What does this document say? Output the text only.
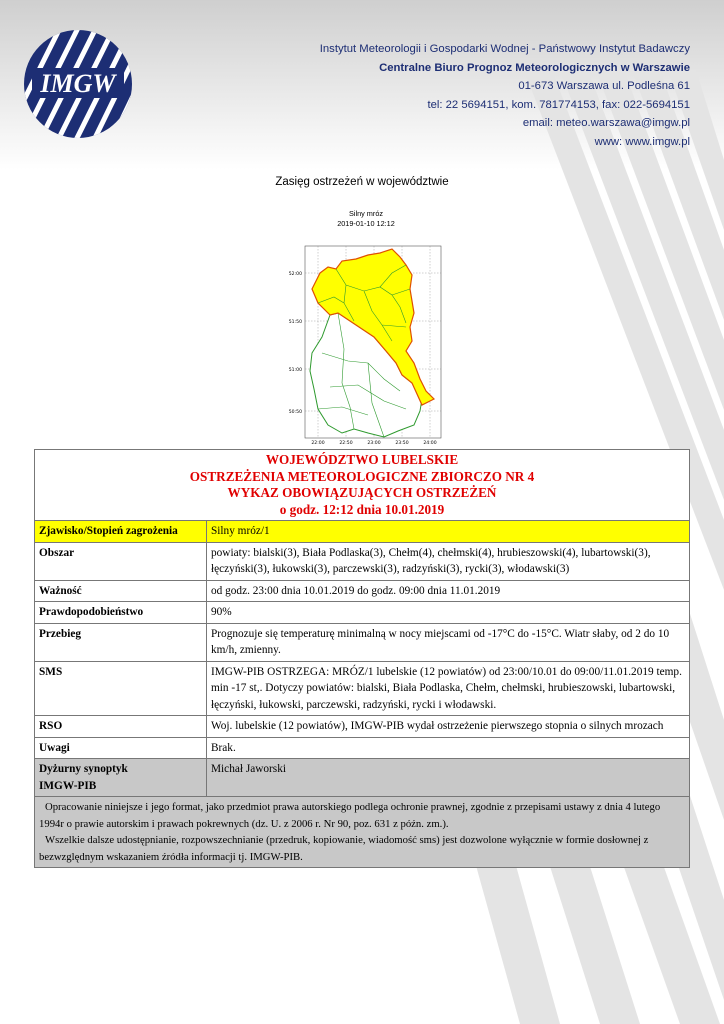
IMGW
Instytut Meteorologii i Gospodarki Wodnej - Państwowy Instytut Badawczy
Centralne Biuro Prognoz Meteorologicznych w Warszawie
01-673 Warszawa ul. Podleśna 61
tel: 22 5694151, kom. 781774153, fax: 022-5694151
email: meteo.warszawa@imgw.pl
www: www.imgw.pl
Zasięg ostrzeżeń w województwie
Silny mróz
2019-01-10 12:12
52:00
51:50
51:00
50:50
22:00	22:50	23:00	23:50	24:00
WOJEWÓDZTWO LUBELSKIE
OSTRZEŻENIA METEOROLOGICZNE ZBIORCZO NR 4
WYKAZ OBOWIĄZUJĄCYCH OSTRZEŻEŃ
o godz. 12:12 dnia 10.01.2019	

Zjawisko/Stopień zagrożenia	Silny mróz/1
Obszar	powiaty: bialski(3), Biała Podlaska(3), Chełm(4), chełmski(4), hrubieszowski(4), lubartowski(3), łęczyński(3), łukowski(3), parczewski(3), radzyński(3), rycki(3), włodawski(3)
Ważność	od godz. 23:00 dnia 10.01.2019 do godz. 09:00 dnia 11.01.2019
Prawdopodobieństwo	90%
Przebieg	Prognozuje się temperaturę minimalną w nocy miejscami od -17°C do -15°C. Wiatr słaby, od 2 do 10 km/h, zmienny.
SMS	IMGW-PIB OSTRZEGA: MRÓZ/1 lubelskie (12 powiatów) od 23:00/10.01 do 09:00/11.01.2019 temp. min -17 st,. Dotyczy powiatów: bialski, Biała Podlaska, Chełm, chełmski, hrubieszowski, lubartowski, łęczyński, łukowski, parczewski, radzyński, rycki i włodawski.
RSO	Woj. lubelskie (12 powiatów), IMGW-PIB wydał ostrzeżenie pierwszego stopnia o silnych mrozach
Uwagi	Brak.

Dyżurny synoptyk
IMGW-PIB	Michał Jaworski

Opracowanie niniejsze i jego format, jako przedmiot prawa autorskiego podlega ochronie prawnej, zgodnie z przepisami ustawy z dnia 4 lutego 1994r o prawie autorskim i prawach pokrewnych (dz. U. z 2006 r. Nr 90, poz. 631 z późn. zm.).
Wszelkie dalsze udostępnianie, rozpowszechnianie (przedruk, kopiowanie, wiadomość sms) jest dozwolone wyłącznie w formie dosłownej z bezwzględnym wskazaniem źródła informacji tj. IMGW-PIB.	
